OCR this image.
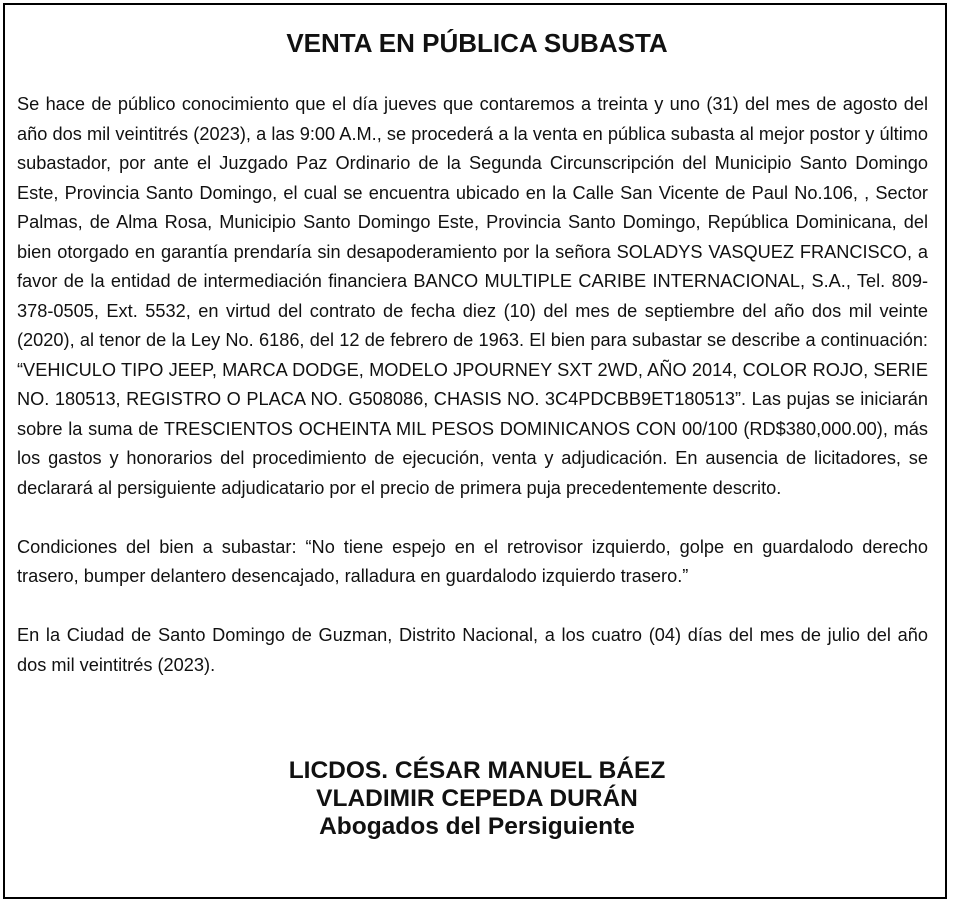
VENTA EN PÚBLICA SUBASTA

Se hace de público conocimiento que el día jueves que contaremos a treinta y uno (31) del mes de agosto del año dos mil veintitrés (2023), a las 9:00 A.M., se procederá a la venta en pública subasta al mejor postor y último subastador, por ante el Juzgado Paz Ordinario de la Segunda Circunscripción del Municipio Santo Domingo Este, Provincia Santo Domingo, el cual se encuentra ubicado en la Calle San Vicente de Paul No.106, , Sector Palmas, de Alma Rosa, Municipio Santo Domingo Este, Provincia Santo Domingo, República Dominicana, del bien otorgado en garantía prendaría sin desapoderamiento por la señora SOLADYS VASQUEZ FRANCISCO, a favor de la entidad de intermediación financiera BANCO MULTIPLE CARIBE INTERNACIONAL, S.A., Tel. 809-378-0505, Ext. 5532, en virtud del contrato de fecha diez (10) del mes de septiembre del año dos mil veinte (2020), al tenor de la Ley No. 6186, del 12 de febrero de 1963. El bien para subastar se describe a continuación: “VEHICULO TIPO JEEP, MARCA DODGE, MODELO JPOURNEY SXT 2WD, AÑO 2014, COLOR ROJO, SERIE NO. 180513, REGISTRO O PLACA NO. G508086, CHASIS NO. 3C4PDCBB9ET180513”. Las pujas se iniciarán sobre la suma de TRESCIENTOS OCHEINTA MIL PESOS DOMINICANOS CON 00/100 (RD$380,000.00), más los gastos y honorarios del procedimiento de ejecución, venta y adjudicación. En ausencia de licitadores, se declarará al persiguiente adjudicatario por el precio de primera puja precedentemente descrito.

Condiciones del bien a subastar: “No tiene espejo en el retrovisor izquierdo, golpe en guardalodo derecho trasero, bumper delantero desencajado, ralladura en guardalodo izquierdo trasero.”

En la Ciudad de Santo Domingo de Guzman, Distrito Nacional, a los cuatro (04) días del mes de julio del año dos mil veintitrés (2023).

LICDOS. CÉSAR MANUEL BÁEZ
VLADIMIR CEPEDA DURÁN
Abogados del Persiguiente
